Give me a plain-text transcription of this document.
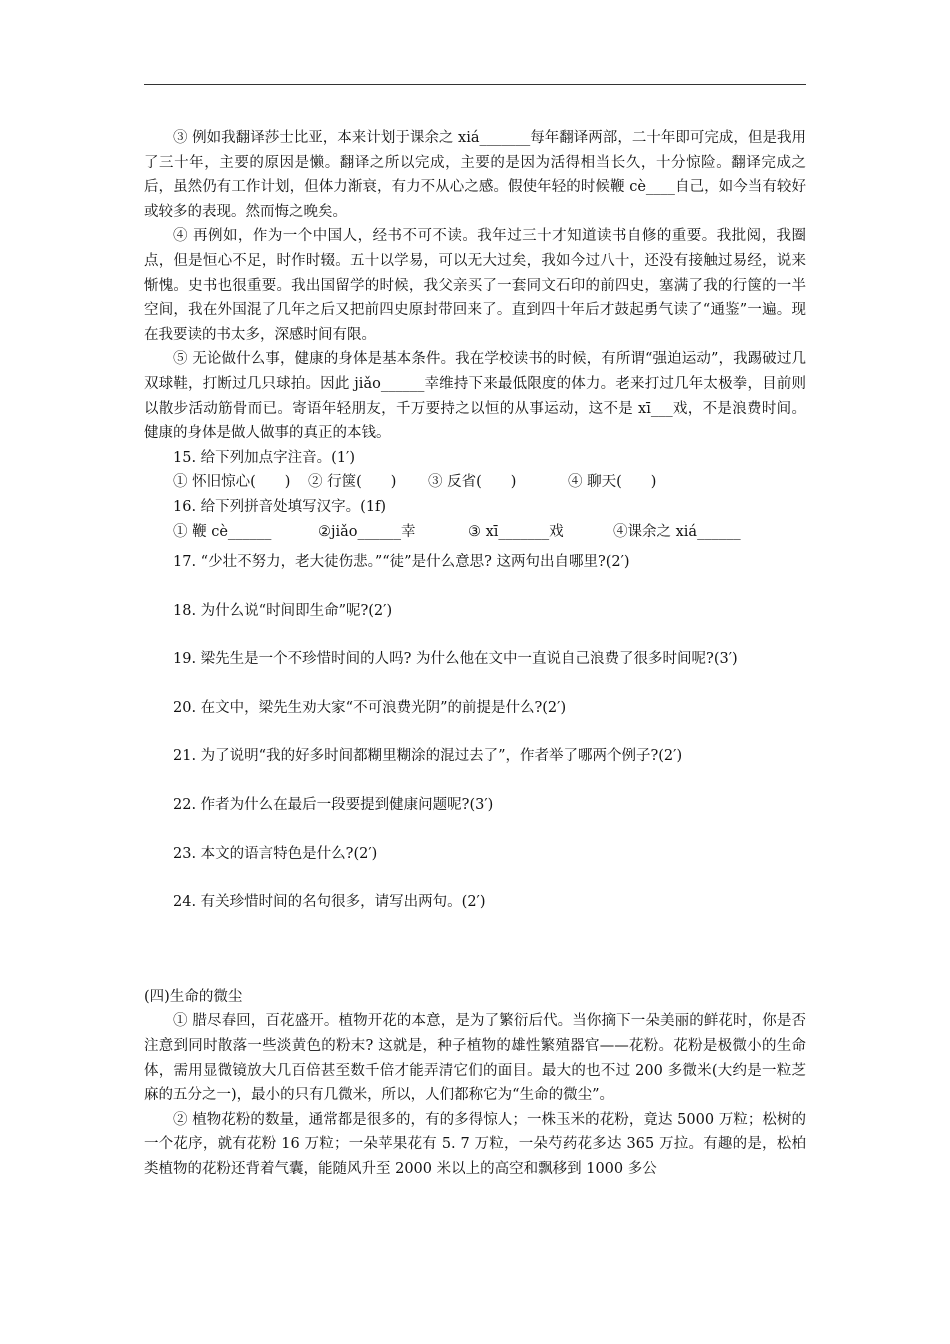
③ 例如我翻译莎士比亚，本来计划于课余之 xiá_______每年翻译两部，二十年即可完成，但是我用了三十年，主要的原因是懒。翻译之所以完成，主要的是因为活得相当长久，十分惊险。翻译完成之后，虽然仍有工作计划，但体力渐衰，有力不从心之感。假使年轻的时候鞭 cè____自己，如今当有较好或较多的表现。然而悔之晚矣。

④ 再例如，作为一个中国人，经书不可不读。我年过三十才知道读书自修的重要。我批阅，我圈点，但是恒心不足，时作时辍。五十以学易，可以无大过矣，我如今过八十，还没有接触过易经，说来惭愧。史书也很重要。我出国留学的时候，我父亲买了一套同文石印的前四史，塞满了我的行箧的一半空间，我在外国混了几年之后又把前四史原封带回来了。直到四十年后才鼓起勇气读了“通鉴”一遍。现在我要读的书太多，深感时间有限。

⑤ 无论做什么事，健康的身体是基本条件。我在学校读书的时候，有所谓“强迫运动”，我踢破过几双球鞋，打断过几只球拍。因此 jiǎo______幸维持下来最低限度的体力。老来打过几年太极拳，目前则以散步活动筋骨而已。寄语年轻朋友，千万要持之以恒的从事运动，这不是 xī___戏，不是浪费时间。健康的身体是做人做事的真正的本钱。

15. 给下列加点字注音。(1′)

① 怀旧惊心(　　) ② 行箧(　　) ③ 反省(　　)	④ 聊天(　　)

16. 给下列拼音处填写汉字。(1f)

① 鞭 cè______	②jiǎo______幸	③ xī_______戏	④课余之 xiá______

17. “少壮不努力，老大徒伤悲。”“徒”是什么意思? 这两句出自哪里?(2′)

18. 为什么说“时间即生命”呢?(2′)

19. 梁先生是一个不珍惜时间的人吗? 为什么他在文中一直说自己浪费了很多时间呢?(3′)

20. 在文中，梁先生劝大家“不可浪费光阴”的前提是什么?(2′)

21. 为了说明“我的好多时间都糊里糊涂的混过去了”，作者举了哪两个例子?(2′)

22. 作者为什么在最后一段要提到健康问题呢?(3′)

23. 本文的语言特色是什么?(2′)

24. 有关珍惜时间的名句很多，请写出两句。(2′)

(四)生命的微尘

① 腊尽春回，百花盛开。植物开花的本意，是为了繁衍后代。当你摘下一朵美丽的鲜花时，你是否注意到同时散落一些淡黄色的粉末? 这就是，种子植物的雄性繁殖器官——花粉。花粉是极微小的生命体，需用显微镜放大几百倍甚至数千倍才能弄清它们的面目。最大的也不过 200 多微米(大约是一粒芝麻的五分之一)，最小的只有几微米，所以，人们都称它为“生命的微尘”。

② 植物花粉的数量，通常都是很多的，有的多得惊人；一株玉米的花粉，竟达 5000 万粒；松树的一个花序，就有花粉 16 万粒；一朵苹果花有 5. 7 万粒，一朵芍药花多达 365 万拉。有趣的是，松柏类植物的花粉还背着气囊，能随风升至 2000 米以上的高空和飘移到 1000 多公
